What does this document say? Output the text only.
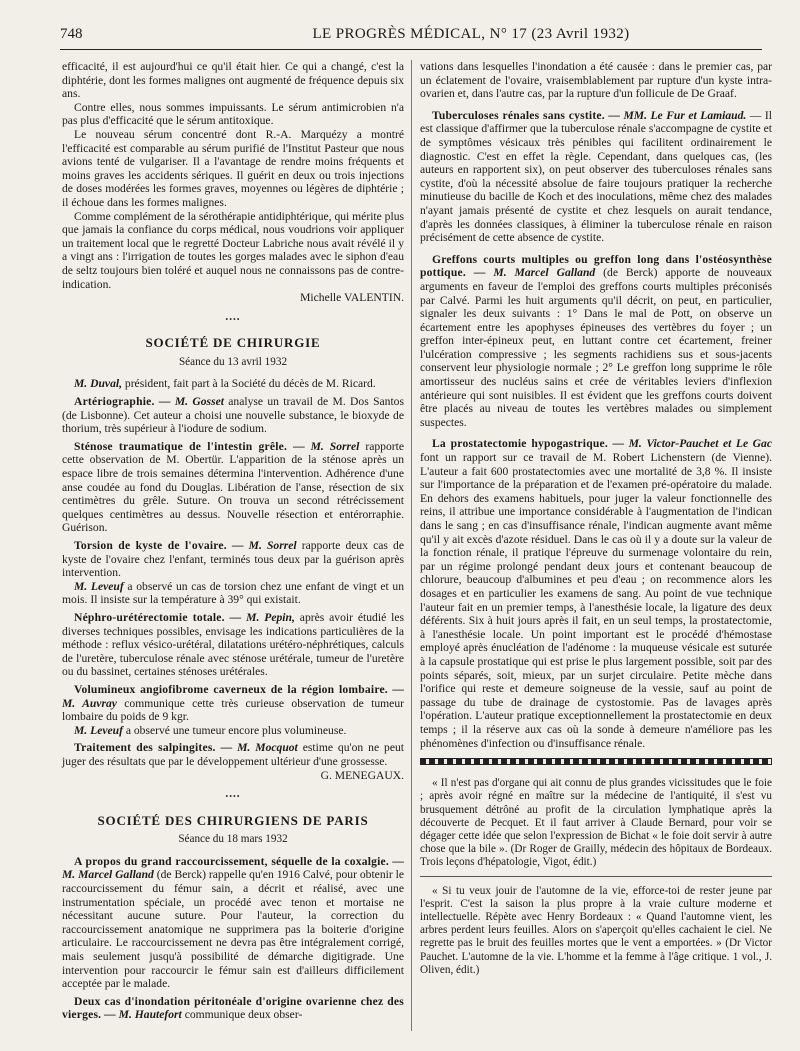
748	LE PROGRÈS MÉDICAL, N° 17 (23 Avril 1932)

efficacité, il est aujourd'hui ce qu'il était hier. Ce qui a changé, c'est la diphtérie, dont les formes malignes ont augmenté de fréquence depuis six ans.

Contre elles, nous sommes impuissants. Le sérum antimicrobien n'a pas plus d'efficacité que le sérum antitoxique.

Le nouveau sérum concentré dont R.-A. Marquézy a montré l'efficacité est comparable au sérum purifié de l'Institut Pasteur que nous avions tenté de vulgariser. Il a l'avantage de rendre moins fréquents et moins graves les accidents sériques. Il guérit en deux ou trois injections de doses modérées les formes graves, moyennes ou légères de diphtérie ; il échoue dans les formes malignes.

Comme complément de la sérothérapie antidiphtérique, qui mérite plus que jamais la confiance du corps médical, nous voudrions voir appliquer un traitement local que le regretté Docteur Labriche nous avait révélé il y a vingt ans : l'irrigation de toutes les gorges malades avec le siphon d'eau de seltz toujours bien toléré et auquel nous ne connaissons pas de contre-indication.

Michelle VALENTIN.

••••
SOCIÉTÉ DE CHIRURGIE
Séance du 13 avril 1932

M. Duval, président, fait part à la Société du décès de M. Ricard.

Artériographie. — M. Gosset analyse un travail de M. Dos Santos (de Lisbonne). Cet auteur a choisi une nouvelle substance, le bioxyde de thorium, très supérieur à l'iodure de sodium.

Sténose traumatique de l'intestin grêle. — M. Sorrel rapporte cette observation de M. Obertür. L'apparition de la sténose après un espace libre de trois semaines détermina l'intervention. Adhérence d'une anse coudée au fond du Douglas. Libération de l'anse, résection de six centimètres du grêle. Suture. On trouva un second rétrécissement quelques centimètres au dessus. Nouvelle résection et entérorraphie. Guérison.

Torsion de kyste de l'ovaire. — M. Sorrel rapporte deux cas de kyste de l'ovaire chez l'enfant, terminés tous deux par la guérison après intervention.

M. Leveuf a observé un cas de torsion chez une enfant de vingt et un mois. Il insiste sur la température à 39° qui existait.

Néphro-urétérectomie totale. — M. Pepin, après avoir étudié les diverses techniques possibles, envisage les indications particulières de la méthode : reflux vésico-urétéral, dilatations urétéro-néphrétiques, calculs de l'uretère, tuberculose rénale avec sténose urétérale, tumeur de l'uretère ou du bassinet, certaines sténoses urétérales.

Volumineux angiofibrome caverneux de la région lombaire. — M. Auvray communique cette très curieuse observation de tumeur lombaire du poids de 9 kgr.

M. Leveuf a observé une tumeur encore plus volumineuse.

Traitement des salpingites. — M. Mocquot estime qu'on ne peut juger des résultats que par le développement ultérieur d'une grossesse.

G. MENEGAUX.

••••
SOCIÉTÉ DES CHIRURGIENS DE PARIS
Séance du 18 mars 1932

A propos du grand raccourcissement, séquelle de la coxalgie. — M. Marcel Galland (de Berck) rappelle qu'en 1916 Calvé, pour obtenir le raccourcissement du fémur sain, a décrit et réalisé, avec une instrumentation spéciale, un procédé avec tenon et mortaise ne nécessitant aucune suture. Pour l'auteur, la correction du raccourcissement anatomique ne supprimera pas la boiterie d'origine articulaire. Le raccourcissement ne devra pas être intégralement corrigé, mais seulement jusqu'à possibilité de démarche digitigrade. Une intervention pour raccourcir le fémur sain est d'ailleurs difficilement acceptée par le malade.

Deux cas d'inondation péritonéale d'origine ovarienne chez des vierges. — M. Hautefort communique deux obser-

vations dans lesquelles l'inondation a été causée : dans le premier cas, par un éclatement de l'ovaire, vraisemblablement par rupture d'un kyste intra-ovarien et, dans l'autre cas, par la rupture d'un follicule de De Graaf.

Tuberculoses rénales sans cystite. — MM. Le Fur et Lamiaud. — Il est classique d'affirmer que la tuberculose rénale s'accompagne de cystite et de symptômes vésicaux très pénibles qui facilitent ordinairement le diagnostic. C'est en effet la règle. Cependant, dans quelques cas, (les auteurs en rapportent six), on peut observer des tuberculoses rénales sans cystite, d'où la nécessité absolue de faire toujours pratiquer la recherche minutieuse du bacille de Koch et des inoculations, même chez des malades n'ayant jamais présenté de cystite et chez lesquels on aurait tendance, d'après les données classiques, à éliminer la tuberculose rénale en raison précisément de cette absence de cystite.

Greffons courts multiples ou greffon long dans l'ostéosynthèse pottique. — M. Marcel Galland (de Berck) apporte de nouveaux arguments en faveur de l'emploi des greffons courts multiples préconisés par Calvé. Parmi les huit arguments qu'il décrit, on peut, en particulier, signaler les deux suivants : 1° Dans le mal de Pott, on observe un écartement entre les apophyses épineuses des vertèbres du foyer ; un greffon inter-épineux peut, en luttant contre cet écartement, freiner l'ulcération compressive ; les segments rachidiens sus et sous-jacents conservent leur physiologie normale ; 2° Le greffon long supprime le rôle amortisseur des nucléus sains et crée de véritables leviers d'inflexion antérieure qui sont nuisibles. Il est évident que les greffons courts doivent être placés au niveau de toutes les vertèbres malades ou simplement suspectes.

La prostatectomie hypogastrique. — M. Victor-Pauchet et Le Gac font un rapport sur ce travail de M. Robert Lichenstern (de Vienne). L'auteur a fait 600 prostatectomies avec une mortalité de 3,8 %. Il insiste sur l'importance de la préparation et de l'examen pré-opératoire du malade. En dehors des examens habituels, pour juger la valeur fonctionnelle des reins, il attribue une importance considérable à l'augmentation de l'indican dans le sang ; en cas d'insuffisance rénale, l'indican augmente avant même qu'il y ait excès d'azote résiduel. Dans le cas où il y a doute sur la valeur de la fonction rénale, il pratique l'épreuve du surmenage volontaire du rein, par un régime prolongé pendant deux jours et contenant beaucoup de chlorure, beaucoup d'albumines et peu d'eau ; on recommence alors les dosages et en particulier les examens de sang. Au point de vue technique l'auteur fait en un premier temps, à l'anesthésie locale, la ligature des deux déférents. Six à huit jours après il fait, en un seul temps, la prostatectomie, à l'anesthésie locale. Un point important est le procédé d'hémostase employé après énucléation de l'adénome : la muqueuse vésicale est suturée à la capsule prostatique qui est prise le plus largement possible, soit par des points séparés, soit, mieux, par un surjet circulaire. Petite mèche dans l'orifice qui reste et demeure soigneuse de la vessie, sauf au point de passage du tube de drainage de cystostomie. Pas de lavages après l'opération. L'auteur pratique exceptionnellement la prostatectomie en deux temps ; il la réserve aux cas où la sonde à demeure n'améliore pas les phénomènes d'infection ou d'insuffisance rénale.

« Il n'est pas d'organe qui ait connu de plus grandes vicissitudes que le foie ; après avoir régné en maître sur la médecine de l'antiquité, il s'est vu brusquement détrôné au profit de la circulation lymphatique après la découverte de Pecquet. Et il faut arriver à Claude Bernard, pour voir se dégager cette idée que selon l'expression de Bichat « le foie doit servir à autre chose que la bile ». (Dr Roger de Grailly, médecin des hôpitaux de Bordeaux. Trois leçons d'hépatologie, Vigot, édit.)

« Si tu veux jouir de l'automne de la vie, efforce-toi de rester jeune par l'esprit. C'est la saison la plus propre à la vraie culture moderne et intellectuelle. Répète avec Henry Bordeaux : « Quand l'automne vient, les arbres perdent leurs feuilles. Alors on s'aperçoit qu'elles cachaient le ciel. Ne regrette pas le bruit des feuilles mortes que le vent a emportées. » (Dr Victor Pauchet. L'automne de la vie. L'homme et la femme à l'âge critique. 1 vol., J. Oliven, édit.)
